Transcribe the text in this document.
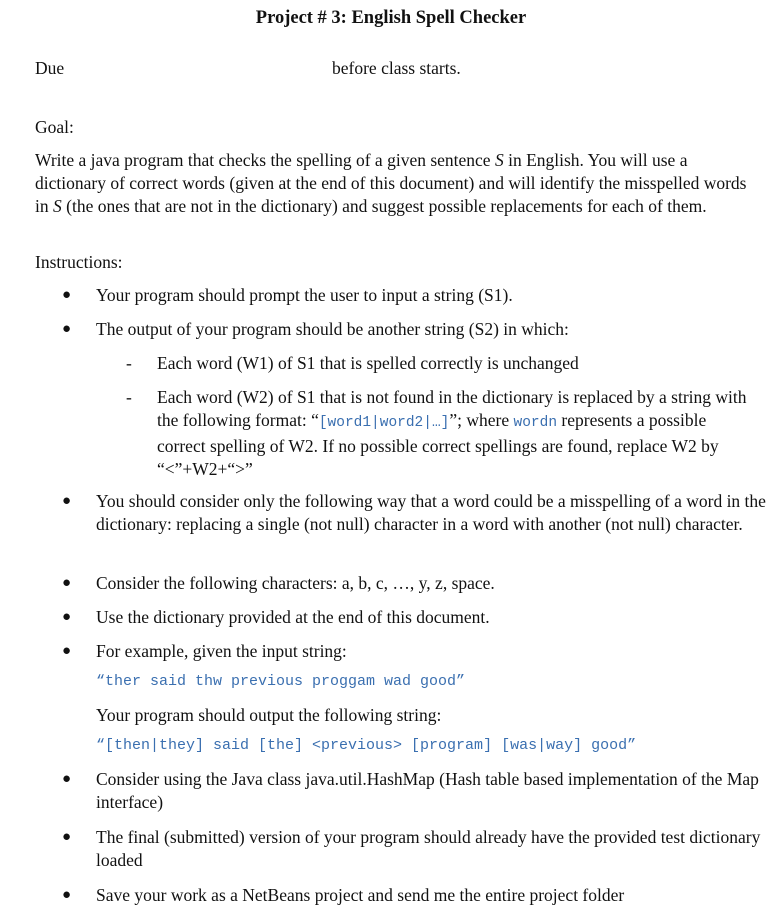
Project # 3: English Spell Checker
Due	before class starts.
Goal:

Write a java program that checks the spelling of a given sentence S in English. You will use a dictionary of correct words (given at the end of this document) and will identify the misspelled words in S (the ones that are not in the dictionary) and suggest possible replacements for each of them.

Instructions:
● Your program should prompt the user to input a string (S1).
● The output of your program should be another string (S2) in which:
- Each word (W1) of S1 that is spelled correctly is unchanged
- Each word (W2) of S1 that is not found in the dictionary is replaced by a string with the following format: “[word1|word2|…]”; where wordn represents a possible correct spelling of W2. If no possible correct spellings are found, replace W2 by “<”+W2+“>”
● You should consider only the following way that a word could be a misspelling of a word in the dictionary: replacing a single (not null) character in a word with another (not null) character.
● Consider the following characters: a, b, c, …, y, z, space.
● Use the dictionary provided at the end of this document.
● For example, given the input string:
“ther said thw previous proggam wad good”
Your program should output the following string:
“[then|they] said [the] <previous> [program] [was|way] good”
● Consider using the Java class java.util.HashMap (Hash table based implementation of the Map interface)
● The final (submitted) version of your program should already have the provided test dictionary loaded
● Save your work as a NetBeans project and send me the entire project folder
